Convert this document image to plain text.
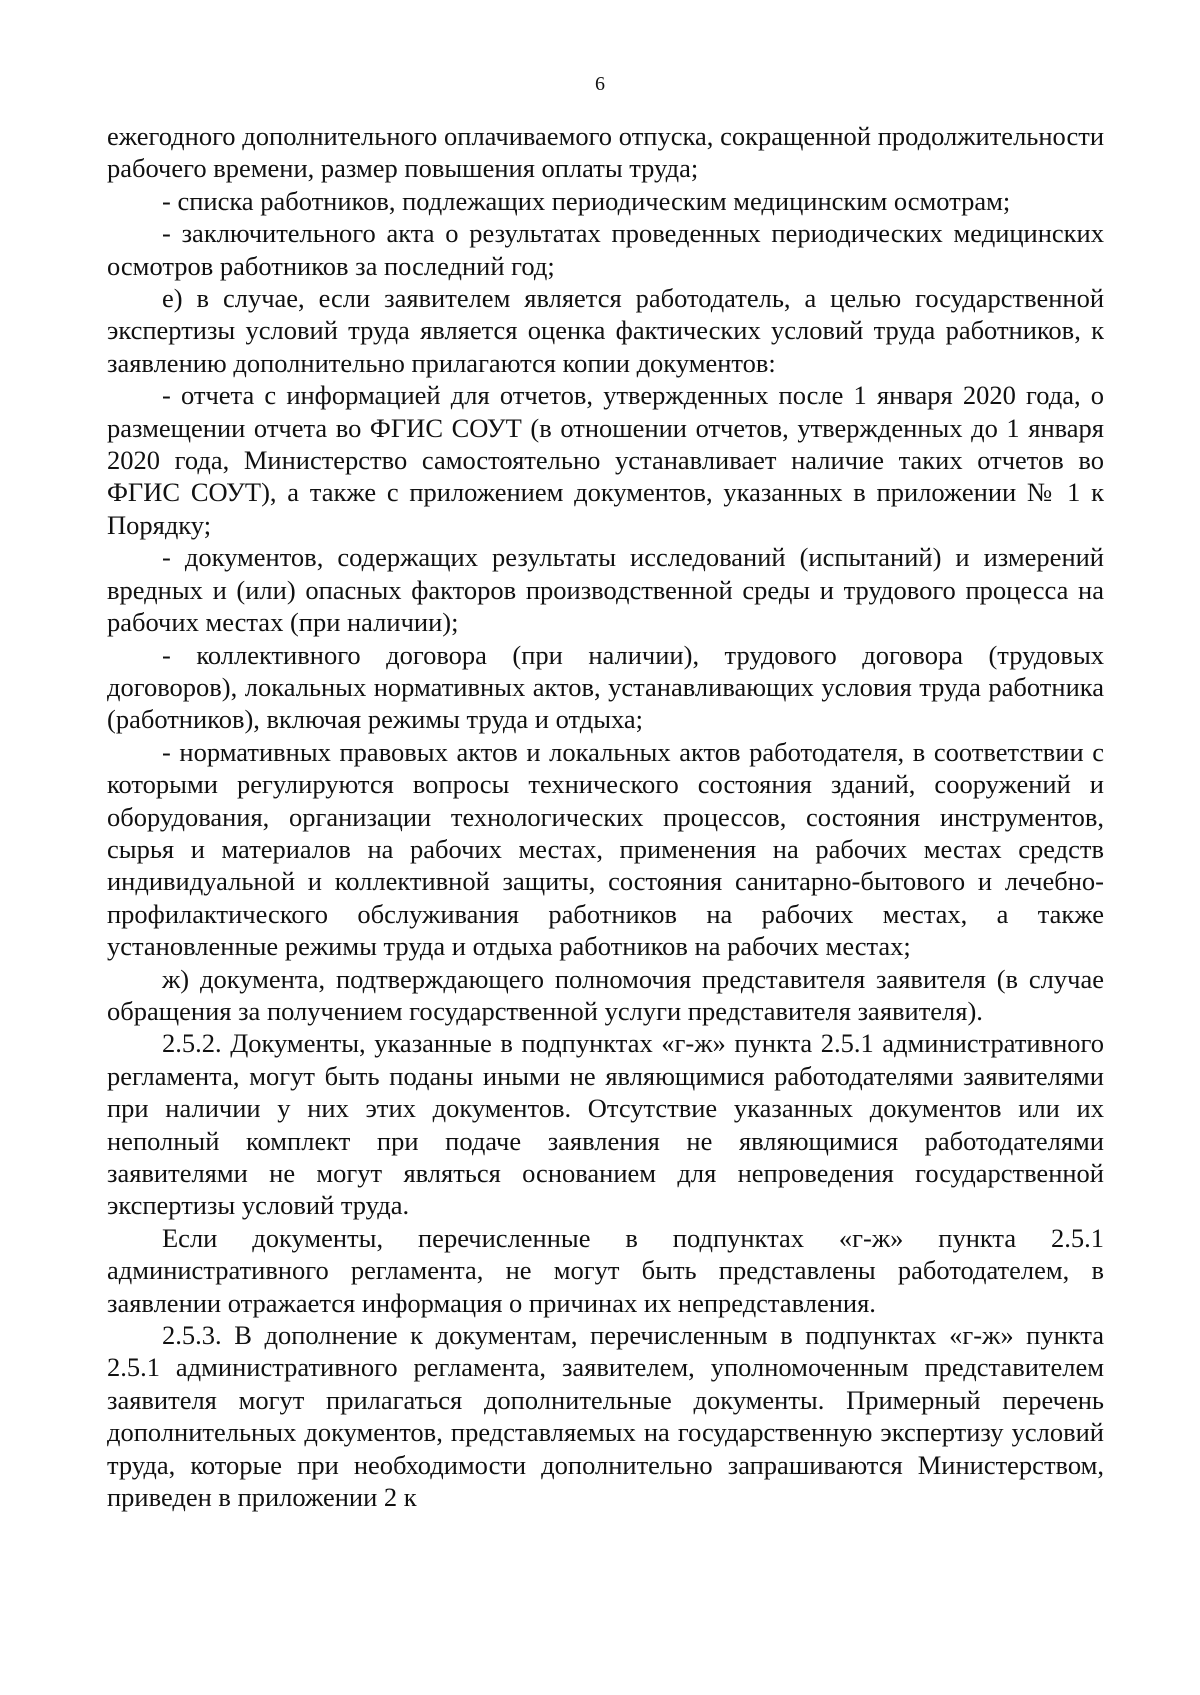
6

ежегодного дополнительного оплачиваемого отпуска, сокращенной продолжительности рабочего времени, размер повышения оплаты труда;

- списка работников, подлежащих периодическим медицинским осмотрам;

- заключительного акта о результатах проведенных периодических медицинских осмотров работников за последний год;

е) в случае, если заявителем является работодатель, а целью государственной экспертизы условий труда является оценка фактических условий труда работников, к заявлению дополнительно прилагаются копии документов:

- отчета с информацией для отчетов, утвержденных после 1 января 2020 года, о размещении отчета во ФГИС СОУТ (в отношении отчетов, утвержденных до 1 января 2020 года, Министерство самостоятельно устанавливает наличие таких отчетов во ФГИС СОУТ), а также с приложением документов, указанных в приложении № 1 к Порядку;

- документов, содержащих результаты исследований (испытаний) и измерений вредных и (или) опасных факторов производственной среды и трудового процесса на рабочих местах (при наличии);

- коллективного договора (при наличии), трудового договора (трудовых договоров), локальных нормативных актов, устанавливающих условия труда работника (работников), включая режимы труда и отдыха;

- нормативных правовых актов и локальных актов работодателя, в соответствии с которыми регулируются вопросы технического состояния зданий, сооружений и оборудования, организации технологических процессов, состояния инструментов, сырья и материалов на рабочих местах, применения на рабочих местах средств индивидуальной и коллективной защиты, состояния санитарно-бытового и лечебно-профилактического обслуживания работников на рабочих местах, а также установленные режимы труда и отдыха работников на рабочих местах;

ж) документа, подтверждающего полномочия представителя заявителя (в случае обращения за получением государственной услуги представителя заявителя).

2.5.2. Документы, указанные в подпунктах «г-ж» пункта 2.5.1 административного регламента, могут быть поданы иными не являющимися работодателями заявителями при наличии у них этих документов. Отсутствие указанных документов или их неполный комплект при подаче заявления не являющимися работодателями заявителями не могут являться основанием для непроведения государственной экспертизы условий труда.

Если документы, перечисленные в подпунктах «г-ж» пункта 2.5.1 административного регламента, не могут быть представлены работодателем, в заявлении отражается информация о причинах их непредставления.

2.5.3. В дополнение к документам, перечисленным в подпунктах «г-ж» пункта 2.5.1 административного регламента, заявителем, уполномоченным представителем заявителя могут прилагаться дополнительные документы. Примерный перечень дополнительных документов, представляемых на государственную экспертизу условий труда, которые при необходимости дополнительно запрашиваются Министерством, приведен в приложении 2 к
